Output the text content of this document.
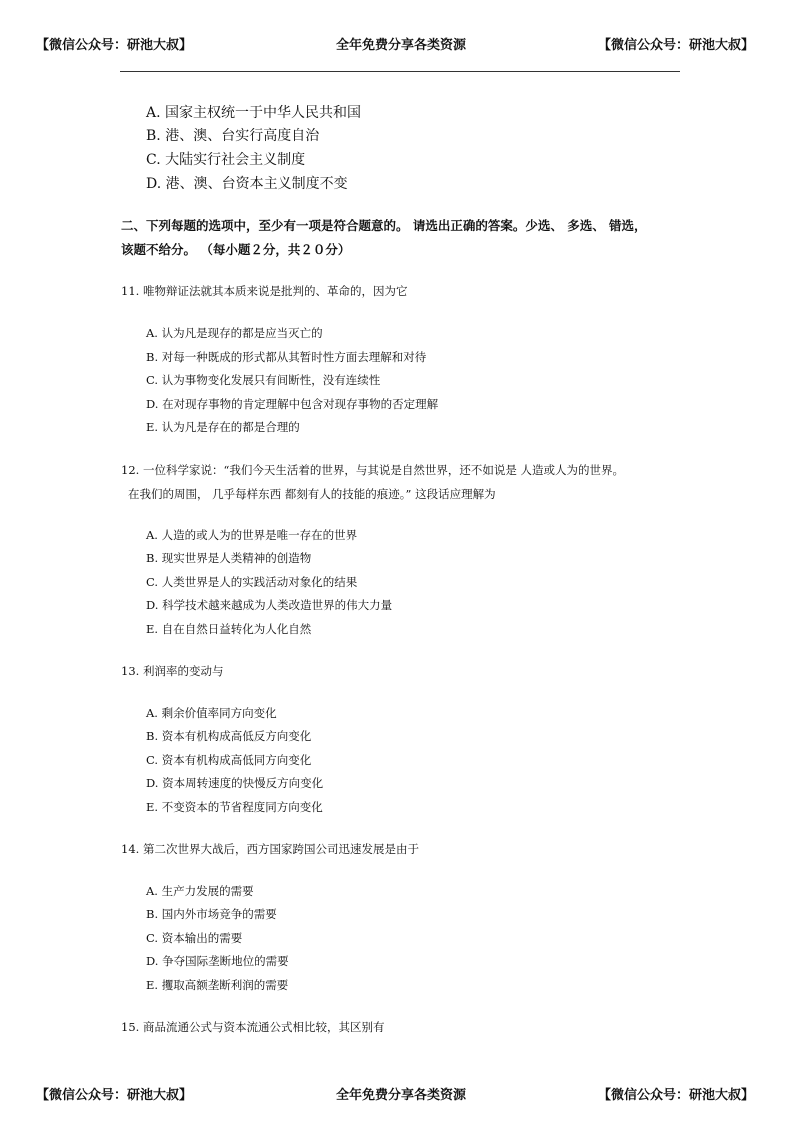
【微信公众号：研池大叔】	全年免费分享各类资源	【微信公众号：研池大叔】
A. 国家主权统一于中华人民共和国
B. 港、澳、台实行高度自治
C. 大陆实行社会主义制度
D. 港、澳、台资本主义制度不变
二、下列每题的选项中，至少有一项是符合题意的。 请选出正确的答案。少选、 多选、 错选，
该题不给分。 （每小题２分，共２０分）
11. 唯物辩证法就其本质来说是批判的、革命的，因为它
A. 认为凡是现存的都是应当灭亡的
B. 对每一种既成的形式都从其暂时性方面去理解和对待
C. 认为事物变化发展只有间断性，没有连续性
D. 在对现存事物的肯定理解中包含对现存事物的否定理解
E. 认为凡是存在的都是合理的
12. 一位科学家说：“我们今天生活着的世界，与其说是自然世界，还不如说是 人造或人为的世界。
在我们的周围， 几乎每样东西 都刻有人的技能的痕迹。” 这段话应理解为
A. 人造的或人为的世界是唯一存在的世界
B. 现实世界是人类精神的创造物
C. 人类世界是人的实践活动对象化的结果
D. 科学技术越来越成为人类改造世界的伟大力量
E. 自在自然日益转化为人化自然
13. 利润率的变动与
A. 剩余价值率同方向变化
B. 资本有机构成高低反方向变化
C. 资本有机构成高低同方向变化
D. 资本周转速度的快慢反方向变化
E. 不变资本的节省程度同方向变化
14. 第二次世界大战后，西方国家跨国公司迅速发展是由于
A. 生产力发展的需要
B. 国内外市场竞争的需要
C. 资本输出的需要
D. 争夺国际垄断地位的需要
E. 攫取高额垄断利润的需要
15. 商品流通公式与资本流通公式相比较，其区别有
【微信公众号：研池大叔】	全年免费分享各类资源	【微信公众号：研池大叔】
